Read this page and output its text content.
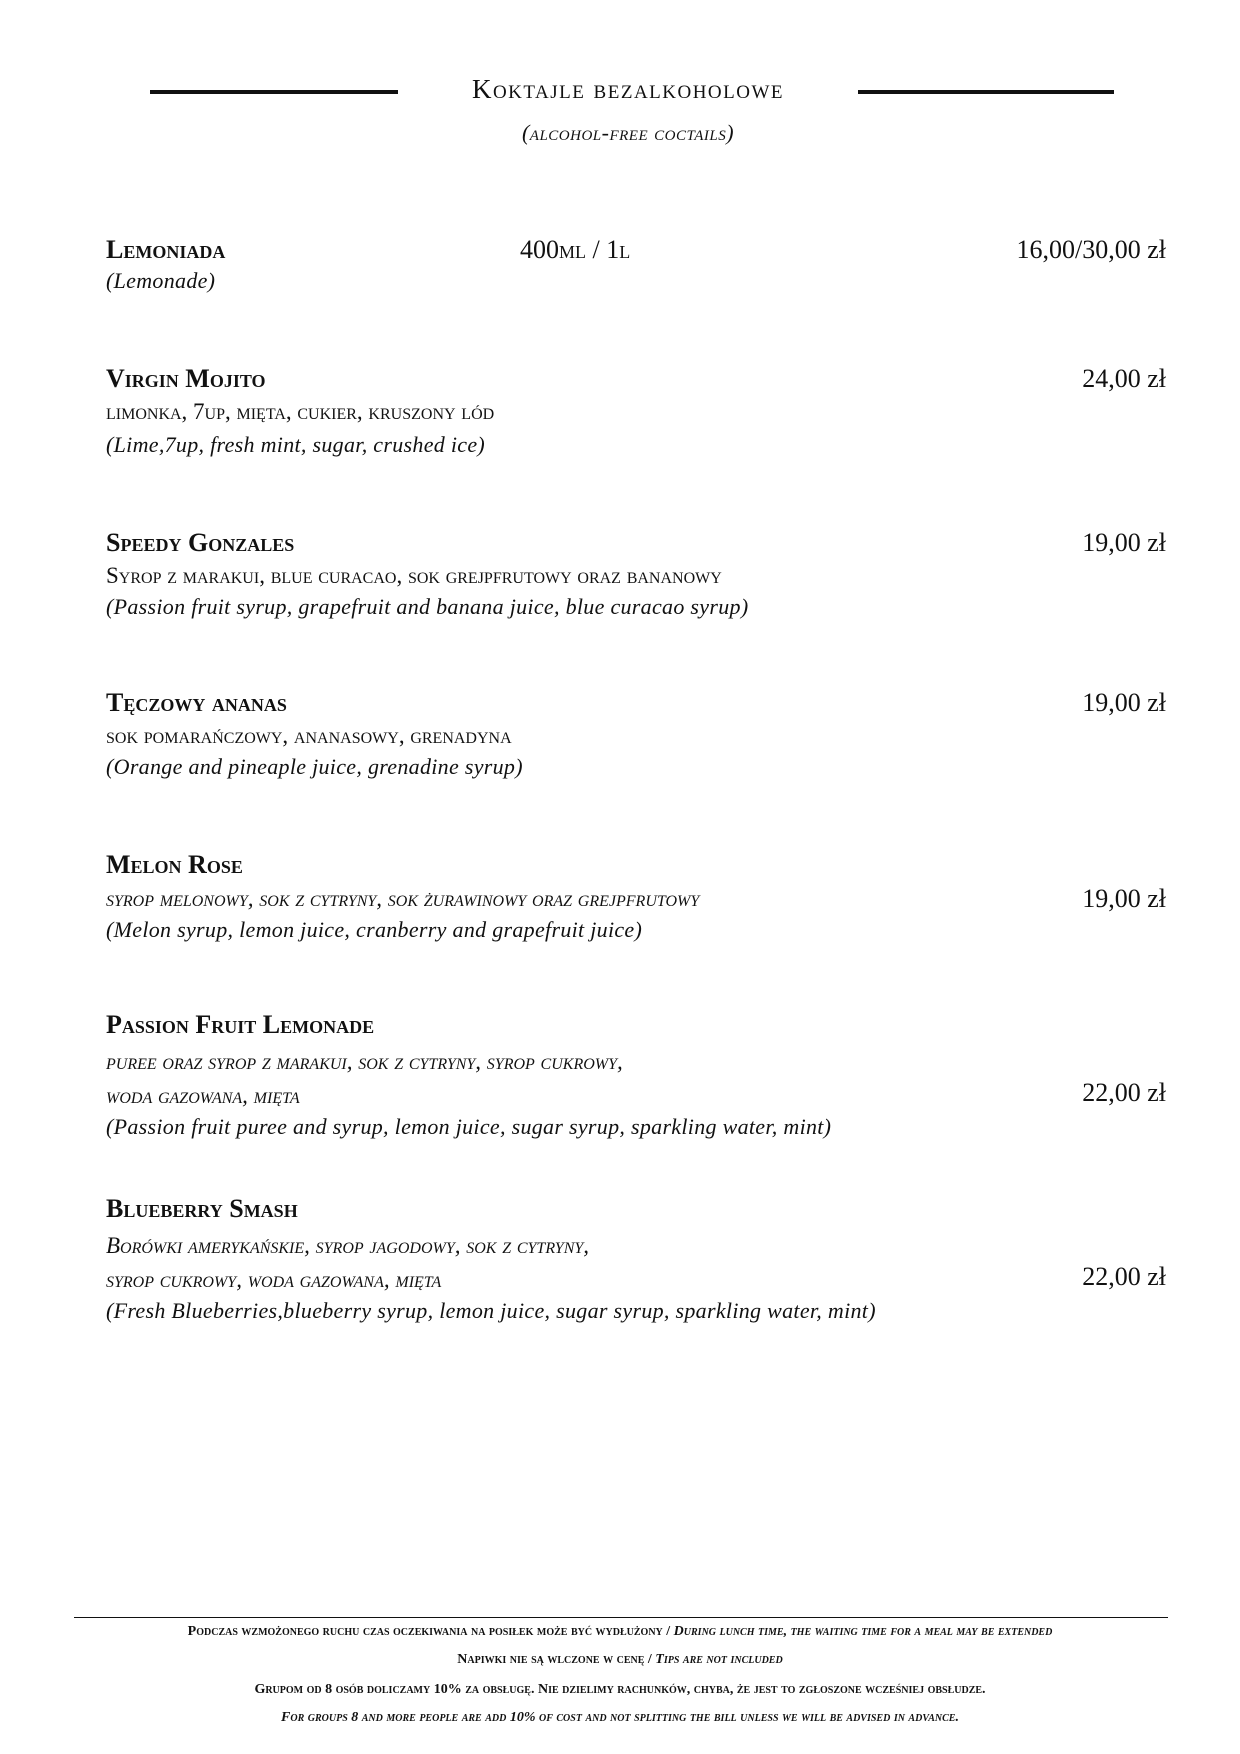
Koktajle bezalkoholowe
(alcohol-free coctails)
Lemoniada	400ml / 1l	16,00/30,00 zł
(Lemonade)
Virgin Mojito	24,00 zł
limonka, 7up, mięta, cukier, kruszony lód
(Lime,7up, fresh mint, sugar, crushed ice)
Speedy Gonzales	19,00 zł
Syrop z marakui, blue curacao, sok grejpfrutowy oraz bananowy
(Passion fruit syrup, grapefruit and banana juice, blue curacao syrup)
Tęczowy ananas	19,00 zł
sok pomarańczowy, ananasowy, grenadyna
(Orange and pineaple juice, grenadine syrup)
Melon Rose
syrop melonowy, sok z cytryny, sok żurawinowy oraz grejpfrutowy	19,00 zł
(Melon syrup, lemon juice, cranberry and grapefruit juice)
Passion Fruit Lemonade
puree oraz syrop z marakui, sok z cytryny, syrop cukrowy,
woda gazowana, mięta	22,00 zł
(Passion fruit puree and syrup, lemon juice, sugar syrup, sparkling water, mint)
Blueberry Smash
Borówki amerykańskie, syrop jagodowy, sok z cytryny,
syrop cukrowy, woda gazowana, mięta	22,00 zł
(Fresh Blueberries,blueberry syrup, lemon juice, sugar syrup, sparkling water, mint)
Podczas wzmożonego ruchu czas oczekiwania na posiłek może być wydłużony / During lunch time, the waiting time for a meal may be extended
Napiwki nie są wlczone w cenę / Tips are not included
Grupom od 8 osób doliczamy 10% za obsługę. Nie dzielimy rachunków, chyba, że jest to zgłoszone wcześniej obsłudze.
For groups 8 and more people are add 10% of cost and not splitting the bill unless we will be advised in advance.
